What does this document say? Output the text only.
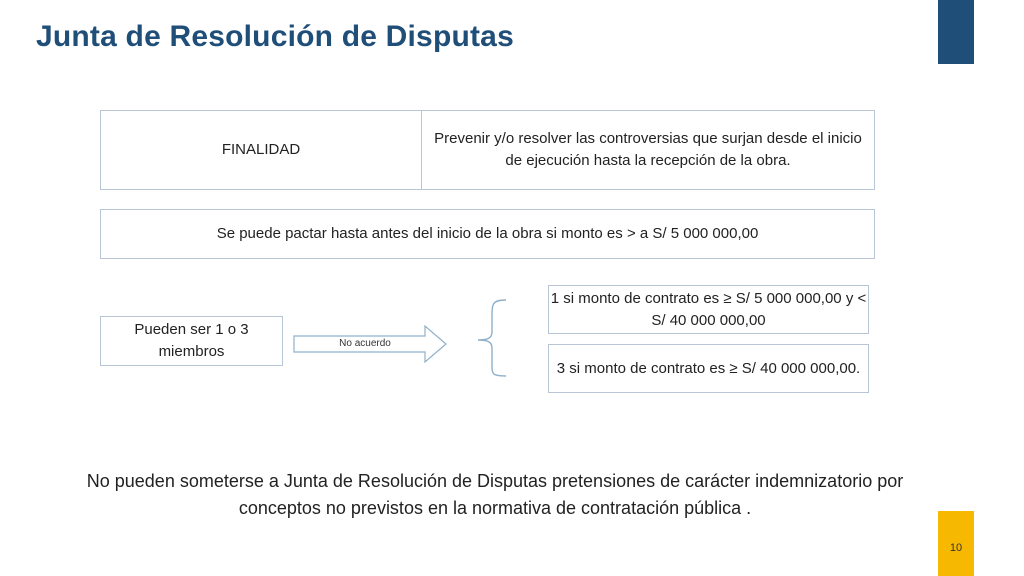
Junta de Resolución de Disputas
FINALIDAD
Prevenir y/o resolver las controversias que surjan desde el inicio de ejecución hasta la recepción de la obra.
Se puede pactar hasta antes del inicio de la obra si monto es > a S/ 5 000 000,00
Pueden ser 1 o 3 miembros	No acuerdo
1 si monto de contrato es ≥ S/ 5 000 000,00 y < S/ 40 000 000,00
3 si monto de contrato es ≥ S/ 40 000 000,00.
No pueden someterse a Junta de Resolución de Disputas pretensiones de carácter indemnizatorio por conceptos no previstos en la normativa de contratación pública .
10
